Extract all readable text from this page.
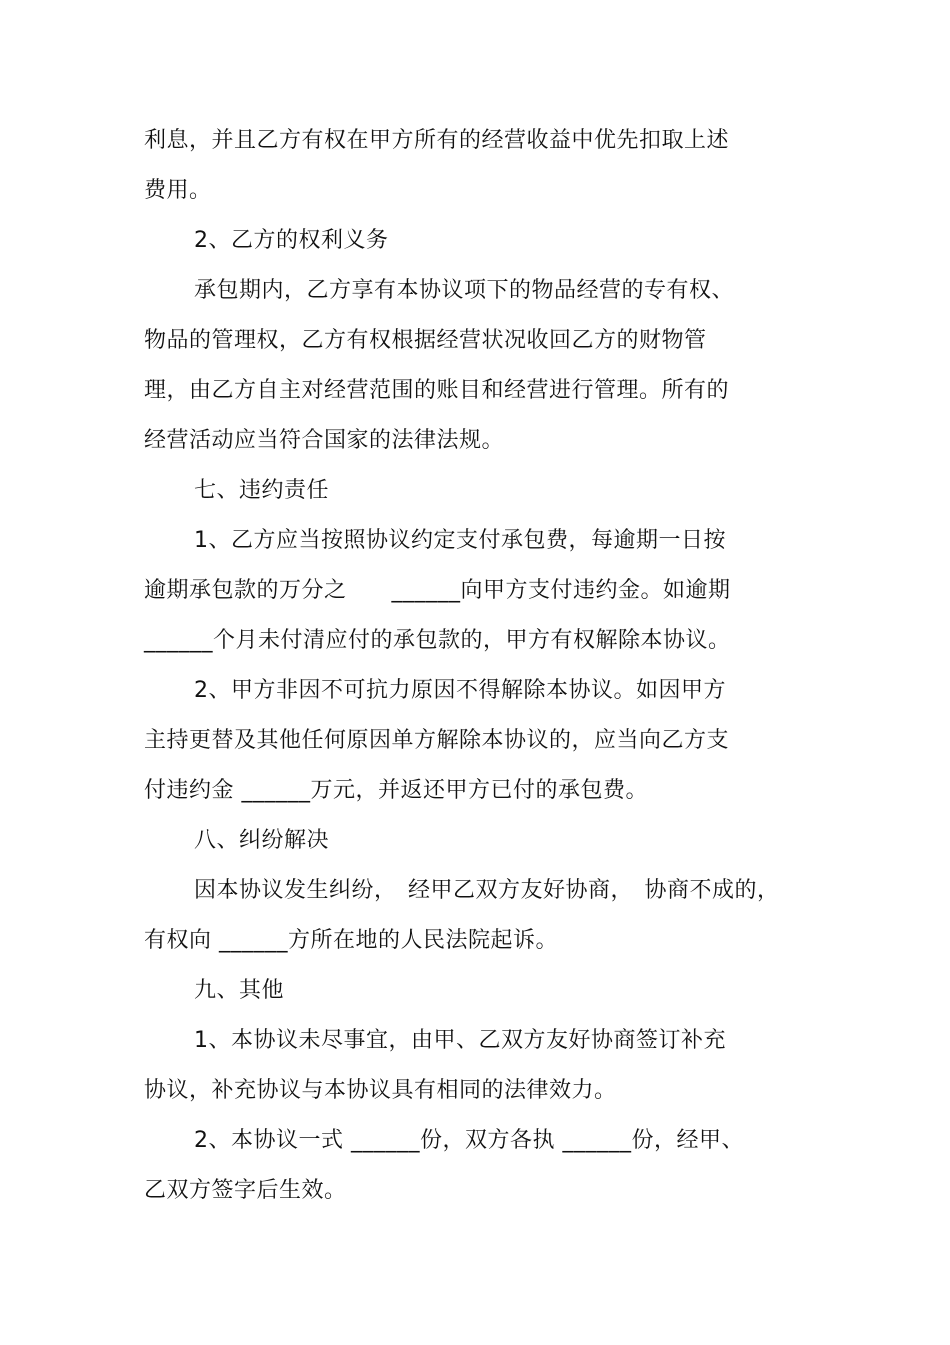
利息，并且乙方有权在甲方所有的经营收益中优先扣取上述
费用。
2、乙方的权利义务
承包期内，乙方享有本协议项下的物品经营的专有权、
物品的管理权，乙方有权根据经营状况收回乙方的财物管
理，由乙方自主对经营范围的账目和经营进行管理。所有的
经营活动应当符合国家的法律法规。
七、违约责任
1、乙方应当按照协议约定支付承包费，每逾期一日按
逾期承包款的万分之　　______向甲方支付违约金。如逾期
______个月未付清应付的承包款的，甲方有权解除本协议。
2、甲方非因不可抗力原因不得解除本协议。如因甲方
主持更替及其他任何原因单方解除本协议的，应当向乙方支
付违约金 ______万元，并返还甲方已付的承包费。
八、纠纷解决
因本协议发生纠纷，　经甲乙双方友好协商，　协商不成的，
有权向 ______方所在地的人民法院起诉。
九、其他
1、本协议未尽事宜，由甲、乙双方友好协商签订补充
协议，补充协议与本协议具有相同的法律效力。
2、本协议一式 ______份，双方各执 ______份，经甲、
乙双方签字后生效。
